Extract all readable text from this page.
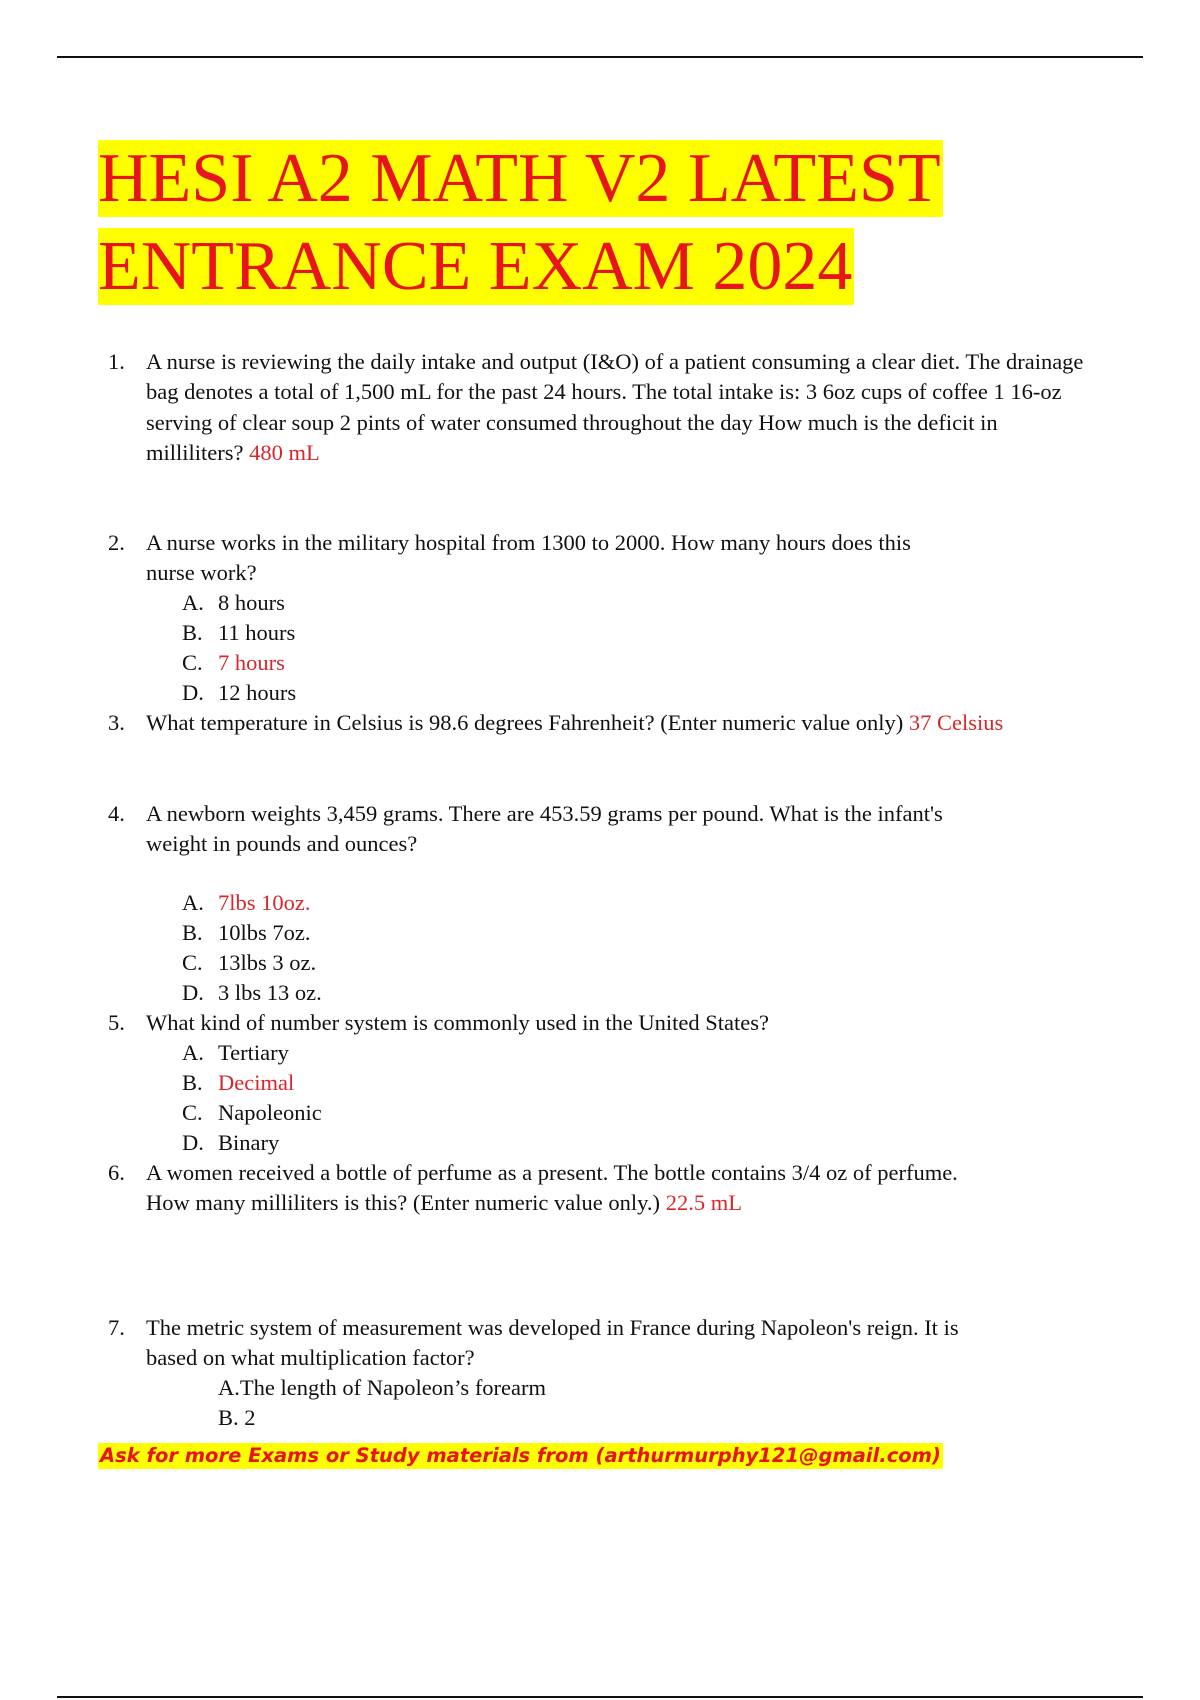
HESI A2 MATH V2 LATEST
ENTRANCE EXAM 2024
1. A nurse is reviewing the daily intake and output (I&O) of a patient consuming a clear diet. The drainage bag denotes a total of 1,500 mL for the past 24 hours. The total intake is: 3 6oz cups of coffee 1 16-oz serving of clear soup 2 pints of water consumed throughout the day How much is the deficit in milliliters? 480 mL
2. A nurse works in the military hospital from 1300 to 2000. How many hours does this
nurse work?
A. 8 hours
B. 11 hours
C. 7 hours
D. 12 hours
3. What temperature in Celsius is 98.6 degrees Fahrenheit? (Enter numeric value only) 37 Celsius
4. A newborn weights 3,459 grams. There are 453.59 grams per pound. What is the infant's
weight in pounds and ounces?
A. 7lbs 10oz.
B. 10lbs 7oz.
C. 13lbs 3 oz.
D. 3 lbs 13 oz.
5. What kind of number system is commonly used in the United States?
A. Tertiary
B. Decimal
C. Napoleonic
D. Binary
6. A women received a bottle of perfume as a present. The bottle contains 3/4 oz of perfume.
How many milliliters is this? (Enter numeric value only.) 22.5 mL
7. The metric system of measurement was developed in France during Napoleon's reign. It is
based on what multiplication factor?
A.The length of Napoleon’s forearm
B. 2
Ask for more Exams or Study materials from (arthurmurphy121@gmail.com)
